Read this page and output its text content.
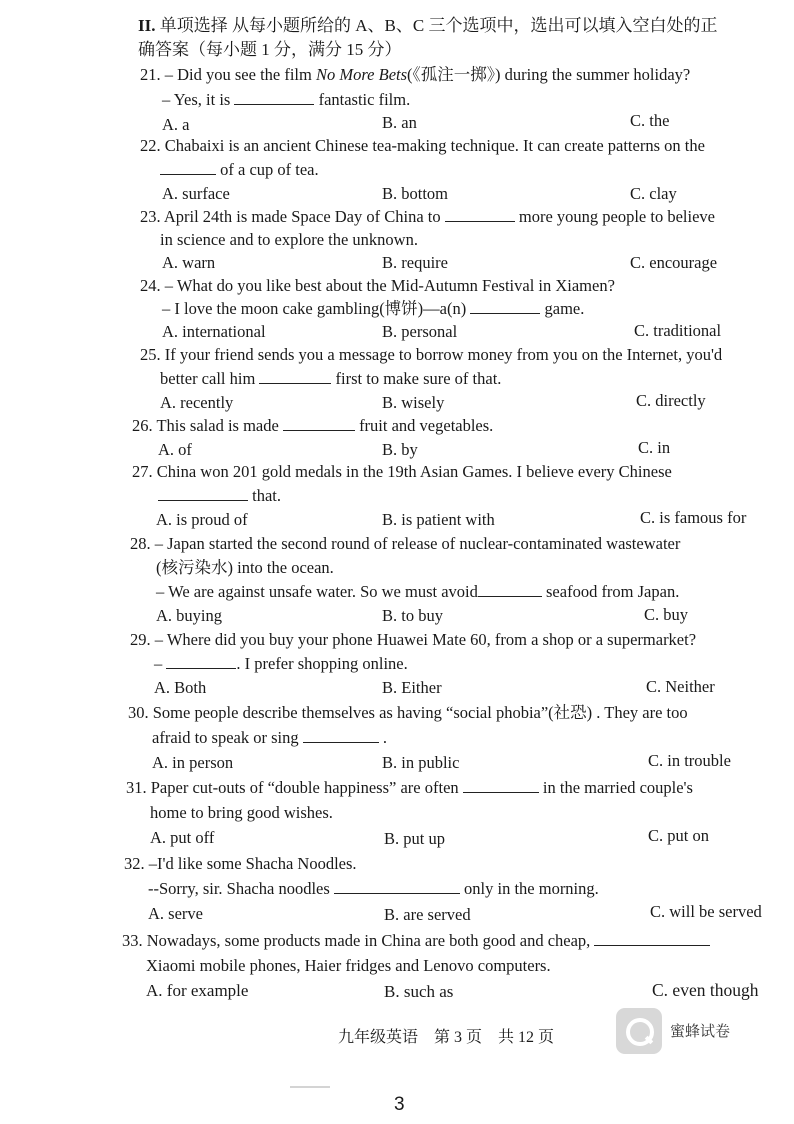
II. 单项选择 从每小题所给的 A、B、C 三个选项中，选出可以填入空白处的正
确答案（每小题 1 分，满分 15 分）
21. – Did you see the film No More Bets(《孤注一掷》) during the summer holiday?
– Yes, it is	fantastic film.
A. a	B. an	C. the
22. Chabaixi is an ancient Chinese tea-making technique. It can create patterns on the
of a cup of tea.
A. surface	B. bottom	C. clay
23. April 24th is made Space Day of China to	more young people to believe
in science and to explore the unknown.
A. warn	B. require	C. encourage
24. – What do you like best about the Mid-Autumn Festival in Xiamen?
– I love the moon cake gambling(博饼)—a(n)	game.
A. international	B. personal	C. traditional
25. If your friend sends you a message to borrow money from you on the Internet, you'd
better call him	first to make sure of that.
A. recently	B. wisely	C. directly
26. This salad is made	fruit and vegetables.
A. of	B. by	C. in
27. China won 201 gold medals in the 19th Asian Games. I believe every Chinese
that.
A. is proud of	B. is patient with	C. is famous for
28. – Japan started the second round of release of nuclear-contaminated wastewater
(核污染水) into the ocean.
– We are against unsafe water. So we must avoid	seafood from Japan.
A. buying	B. to buy	C. buy
29. – Where did you buy your phone Huawei Mate 60, from a shop or a supermarket?
–	. I prefer shopping online.
A. Both	B. Either	C. Neither
30. Some people describe themselves as having “social phobia”(社恐) . They are too
afraid to speak or sing	.
A. in person	B. in public	C. in trouble
31. Paper cut-outs of “double happiness” are often	in the married couple's
home to bring good wishes.
A. put off	B. put up	C. put on
32. –I'd like some Shacha Noodles.
--Sorry, sir. Shacha noodles	only in the morning.
A. serve	B. are served	C. will be served
33. Nowadays, some products made in China are both good and cheap,
Xiaomi mobile phones, Haier fridges and Lenovo computers.
A. for example	B. such as	C. even though
九年级英语 第 3 页 共 12 页	蜜蜂试卷
3
